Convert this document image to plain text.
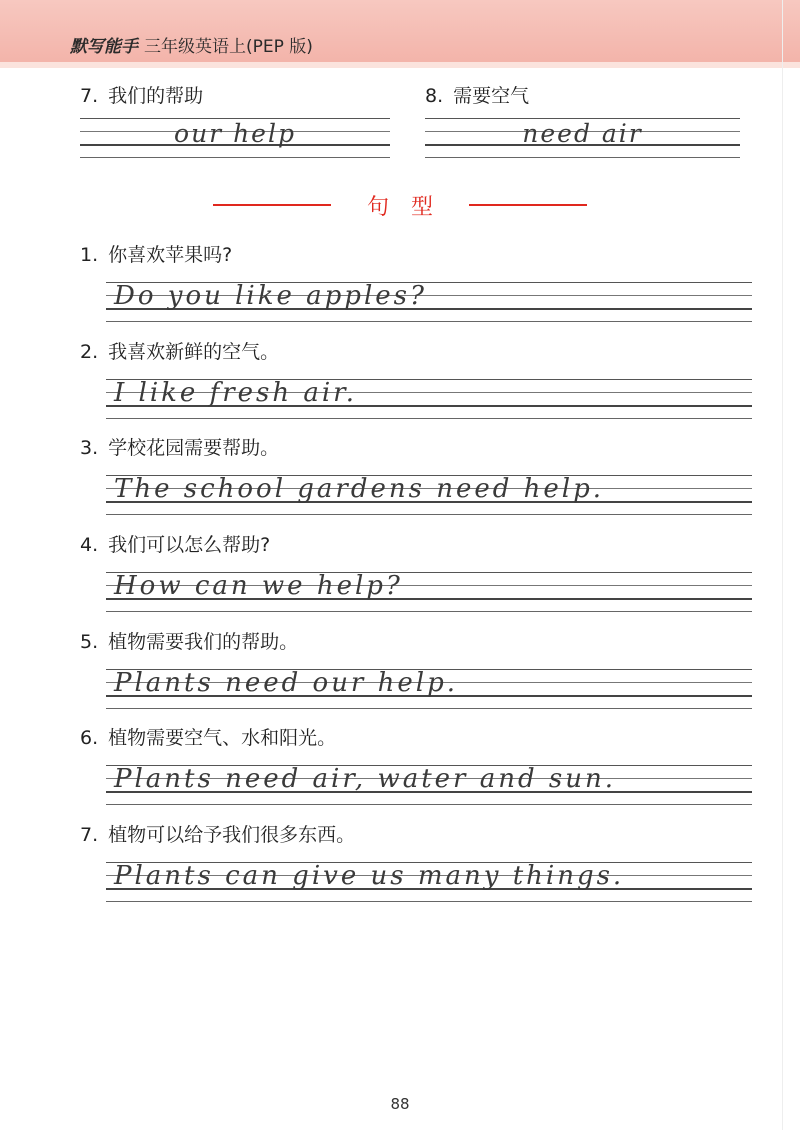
默写能手 三年级英语上(PEP 版)
7. 我们的帮助
our help
8. 需要空气
need air
句型
1. 你喜欢苹果吗?
Do you like apples?
2. 我喜欢新鲜的空气。
I like fresh air.
3. 学校花园需要帮助。
The school gardens need help.
4. 我们可以怎么帮助?
How can we help?
5. 植物需要我们的帮助。
Plants need our help.
6. 植物需要空气、水和阳光。
Plants need air, water and sun.
7. 植物可以给予我们很多东西。
Plants can give us many things.
88
